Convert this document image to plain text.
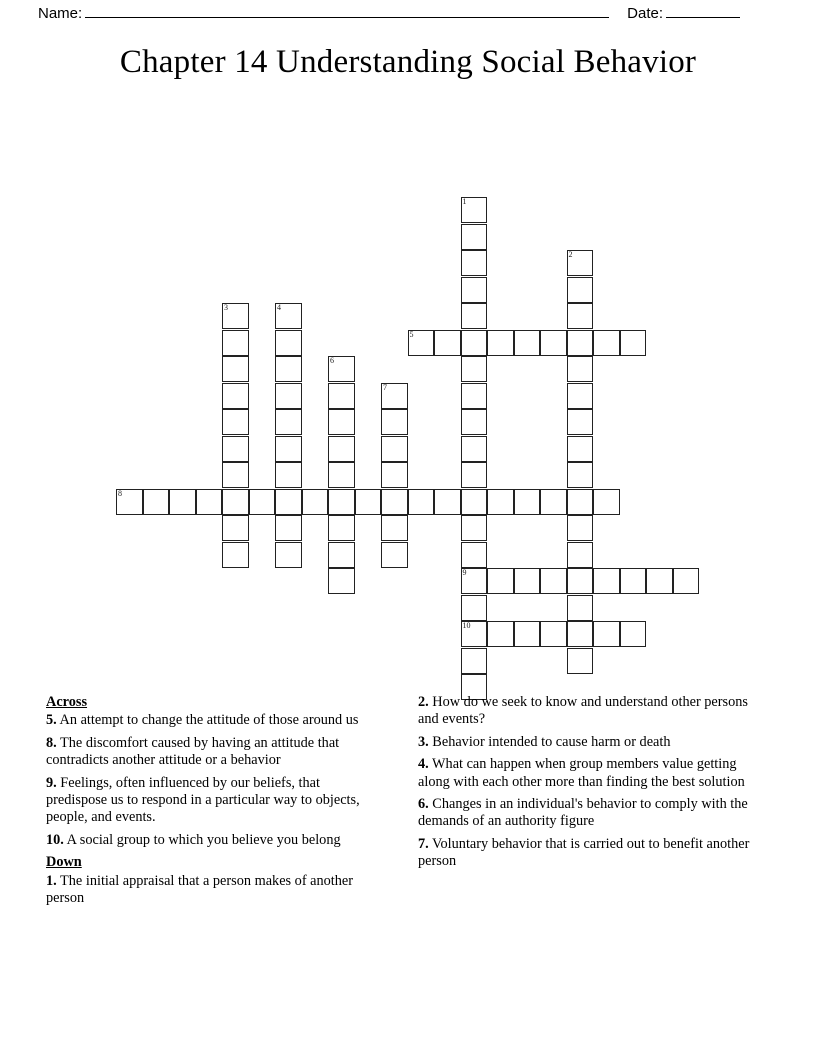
Name:	Date:
Chapter 14 Understanding Social Behavior
1
9
10
2
3	4
5
6
7
8
Across

5. An attempt to change the attitude of those around us

8. The discomfort caused by having an attitude that contradicts another attitude or a behavior

9. Feelings, often influenced by our beliefs, that predispose us to respond in a particular way to objects, people, and events.

10. A social group to which you believe you belong

Down

1. The initial appraisal that a person makes of another person

2. How do we seek to know and understand other persons and events?

3. Behavior intended to cause harm or death

4. What can happen when group members value getting along with each other more than finding the best solution

6. Changes in an individual's behavior to comply with the demands of an authority figure

7. Voluntary behavior that is carried out to benefit another person
